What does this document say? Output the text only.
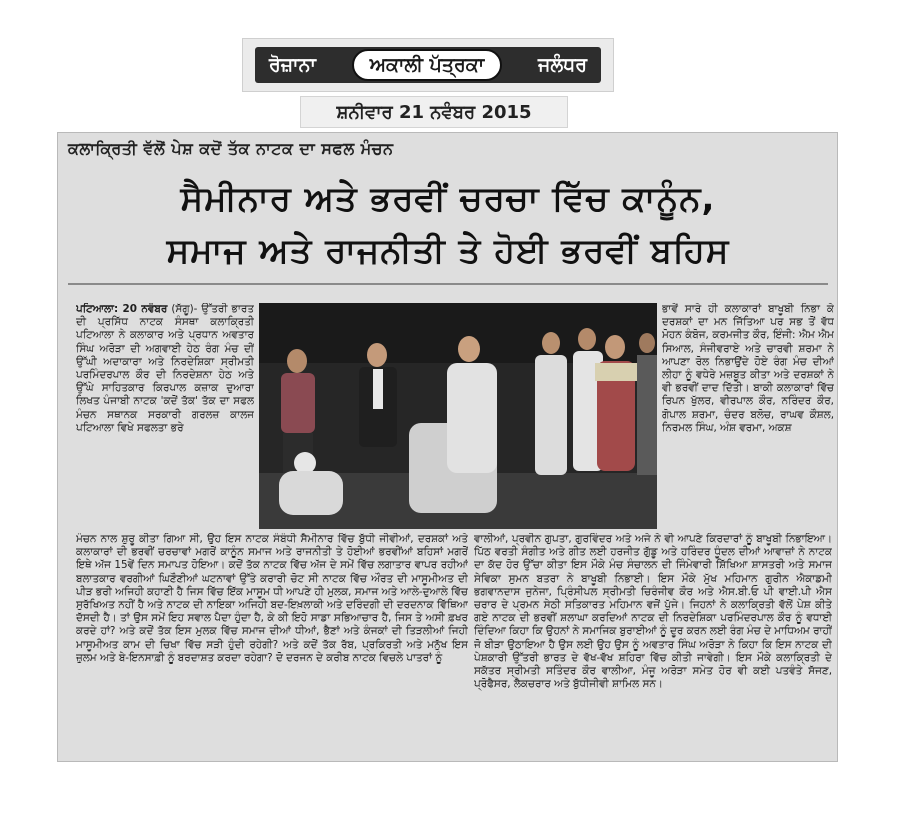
ਰੋਜ਼ਾਨਾ	ਅਕਾਲੀ ਪੱਤ੍ਰਕਾ	ਜਲੰਧਰ
ਸ਼ਨੀਵਾਰ 21 ਨਵੰਬਰ 2015
ਕਲਾਕ੍ਰਿਤੀ ਵੱਲੋਂ ਪੇਸ਼ ਕਦੋਂ ਤੱਕ ਨਾਟਕ ਦਾ ਸਫਲ ਮੰਚਨ
ਸੈਮੀਨਾਰ ਅਤੇ ਭਰਵੀਂ ਚਰਚਾ ਵਿੱਚ ਕਾਨੂੰਨ,
ਸਮਾਜ ਅਤੇ ਰਾਜਨੀਤੀ ਤੇ ਹੋਈ ਭਰਵੀਂ ਬਹਿਸ
ਪਟਿਆਲਾ: 20 ਨਵੰਬਰ (ਸੱਗੂ)- ਉੱਤਰੀ ਭਾਰਤ ਦੀ ਪ੍ਰਸਿੱਧ ਨਾਟਕ ਸੰਸਥਾ ਕਲਾਕ੍ਰਿਤੀ ਪਟਿਆਲਾ ਨੇ ਕਲਾਕਾਰ ਅਤੇ ਪ੍ਰਧਾਨ ਅਵਤਾਰ ਸਿੰਘ ਅਰੋੜਾ ਦੀ ਅਗਵਾਈ ਹੇਠ ਰੰਗ ਮੰਚ ਦੀਂ ਉੱਘੀ ਅਦਾਕਾਰਾ ਅਤੇ ਨਿਰਦੇਸ਼ਿਕਾ ਸ੍ਰੀਮਤੀ ਪਰਮਿੰਦਰਪਾਲ ਕੌਰ ਦੀ ਨਿਰਦੇਸ਼ਨਾ ਹੇਠ ਅਤੇ ਉੱਘੇ ਸਾਹਿਤਕਾਰ ਕਿਰਪਾਲ ਕਜ਼ਾਕ ਦੁਆਰਾ ਲਿਖਤ ਪੰਜਾਬੀ ਨਾਟਕ 'ਕਦੋਂ ਤੱਕ' ਤੱਕ ਦਾ ਸਫਲ ਮੰਚਨ ਸਥਾਨਕ ਸਰਕਾਰੀ ਗਰਲਜ਼ ਕਾਲਜ ਪਟਿਆਲਾ ਵਿਖੇ ਸਫਲਤਾ ਭਰੇ
ਭਾਵੇਂ ਸਾਰੇ ਹੀ ਕਲਾਕਾਰਾਂ ਬਾਖੂਬੀ ਨਿਭਾ ਕੇ ਦਰਸ਼ਕਾਂ ਦਾ ਮਨ ਜਿੱਤਿਆ ਪਰ ਸਭ ਤੋਂ ਵੱਧ ਮੋਹਨ ਕੰਬੋਜ, ਕਰਮਜੀਤ ਕੌਰ, ਇੰਜੀ: ਐਮ ਐਮ ਸਿਆਲ, ਸੰਜੀਵਰਾਏ ਅਤੇ ਚਾਰਵੀ ਸ਼ਰਮਾ ਨੇ ਆਪਣਾ ਰੋਲ ਨਿਭਾਉਂਦੇ ਹੋਏ ਰੰਗ ਮੰਚ ਦੀਆਂ ਲੀਹਾ ਨੂੰ ਵਧੇਰੇ ਮਜ਼ਬੂਤ ਕੀਤਾ ਅਤੇ ਦਰਸ਼ਕਾਂ ਨੇ ਵੀ ਭਰਵੀਂ ਦਾਦ ਦਿੱਤੀ। ਬਾਕੀ ਕਲਾਕਾਰਾਂ ਵਿੱਚ ਰਿਪਨ ਖੁੱਲਰ, ਵੀਰਪਾਲ ਕੌਰ, ਨਰਿੰਦਰ ਕੌਰ, ਗੋਪਾਲ ਸ਼ਰਮਾ, ਚੰਦਰ ਬਲੋਚ, ਰਾਘਵ ਕੌਸ਼ਲ, ਨਿਰਮਲ ਸਿੰਘ, ਅੰਸ਼ ਵਰਮਾ, ਅਕਸ਼
ਮੰਚਨ ਨਾਲ ਸ਼ੁਰੂ ਕੀਤਾ ਗਿਆ ਸੀ, ਉਹ ਇਸ ਨਾਟਕ ਸੰਬੰਧੀ ਸੈਮੀਨਾਰ ਵਿੱਚ ਬੁੱਧੀ ਜੀਵੀਆਂ, ਦਰਸ਼ਕਾਂ ਅਤੇ ਕਲਾਕਾਰਾਂ ਦੀ ਭਰਵੀਂ ਚਰਚਾਵਾਂ ਮਗਰੋਂ ਕਾਨੂੰਨ ਸਮਾਜ ਅਤੇ ਰਾਜਨੀਤੀ ਤੇ ਹੋਈਆਂ ਭਰਵੀਂਆਂ ਬਹਿਸਾਂ ਮਗਰੋਂ ਇਥੇ ਅੱਜ 15ਵੇਂ ਦਿਨ ਸਮਾਪਤ ਹੋਇਆ। ਕਦੋਂ ਤੱਕ ਨਾਟਕ ਵਿੱਚ ਅੱਜ ਦੇ ਸਮੇਂ ਵਿੱਚ ਲਗਾਤਾਰ ਵਾਪਰ ਰਹੀਆਂ ਬਲਾਤਕਾਰ ਵਰਗੀਆਂ ਘਿਣੌਣੀਆਂ ਘਟਨਾਵਾਂ ਉੱਤੇ ਕਰਾਰੀ ਚੋਟ ਸੀ ਨਾਟਕ ਵਿੱਚ ਔਰਤ ਦੀ ਮਾਸੂਮੀਅਤ ਦੀ ਪੀੜ ਭਰੀ ਅਜਿਹੀ ਕਹਾਣੀ ਹੈ ਜਿਸ ਵਿੱਚ ਇੱਕ ਮਾਸੂਮ ਧੀ ਆਪਣੇ ਹੀ ਮੁਲਕ, ਸਮਾਜ ਅਤੇ ਆਲੇ-ਦੁਆਲੇ ਵਿੱਚ ਸੁਰੱਖਿਅਤ ਨਹੀਂ ਹੈ ਅਤੇ ਨਾਟਕ ਦੀ ਨਾਇਕਾ ਅਜਿਹੀ ਬਦ-ਇਖ਼ਲਾਕੀ ਅਤੇ ਦਰਿੰਦਗੀ ਦੀ ਦਰਦਨਾਕ ਵਿੱਥਿਆ ਦੱਸਦੀ ਹੈ। ਤਾਂ ਉਸ ਸਮੇਂ ਇਹ ਸਵਾਲ ਪੈਦਾ ਹੁੰਦਾ ਹੈ, ਕੇ ਕੀ ਇਹੋ ਸਾਡਾ ਸਭਿਆਚਾਰ ਹੈ, ਜਿਸ ਤੇ ਅਸੀ ਫ਼ਖਰ ਕਰਦੇ ਹਾਂ? ਅਤੇ ਕਦੋਂ ਤੱਕ ਇਸ ਮੁਲਕ ਵਿੱਚ ਸਮਾਜ ਦੀਆਂ ਧੀਆਂ, ਭੈਣਾਂ ਅਤੇ ਕੰਜਕਾਂ ਦੀ ਤਿੜਲੀਆਂ ਜਿਹੀ ਮਾਸੂਮੀਅਤ ਕਾਮ ਦੀ ਚਿਖਾ ਵਿੱਚ ਸੜੀ ਹੁੰਦੀ ਰਹੇਗੀ? ਅਤੇ ਕਦੋਂ ਤੱਕ ਰੱਬ, ਪ੍ਰਕਿਰਤੀ ਅਤੇ ਮਨੁੱਖ ਇਸ ਜ਼ੁਲਮ ਅਤੇ ਬੇ-ਇਨਸਾਫ਼ੀ ਨੂੰ ਬਰਦਾਸ਼ਤ ਕਰਦਾ ਰਹੇਗਾ? ਦੋ ਦਰਜਨ ਦੇ ਕਰੀਬ ਨਾਟਕ ਵਿਚਲੇ ਪਾਤਰਾਂ ਨੂੰ
ਵਾਲੀਆਂ, ਪ੍ਰਵੀਨ ਗੁਪਤਾ, ਗੁਰਵਿੰਦਰ ਅਤੇ ਅਜੇ ਨੇ ਵੀ ਆਪਣੇ ਕਿਰਦਾਰਾਂ ਨੂੰ ਬਾਖੂਬੀ ਨਿਭਾਇਆ। ਪਿੱਠ ਵਰਤੀ ਸੰਗੀਤ ਅਤੇ ਗੀਤ ਲਈ ਹਰਜੀਤ ਗੁੱਡੂ ਅਤੇ ਹਰਿੰਦਰ ਧੂੰਦਲ ਦੀਆਂ ਆਵਾਜ਼ਾਂ ਨੇ ਨਾਟਕ ਦਾ ਕੱਦ ਹੋਰ ਉੱਚਾ ਕੀਤਾ ਇਸ ਮੌਕੇ ਮੰਚ ਸੰਚਾਲਨ ਦੀ ਜਿੰਮੇਵਾਰੀ ਸ਼ਿੱਖਿਆ ਸ਼ਾਸਤਰੀ ਅਤੇ ਸਮਾਜ ਸੇਵਿਕਾ ਸੁਮਨ ਬਤਰਾ ਨੇ ਬਾਖੂਬੀ ਨਿਭਾਈ। ਇਸ ਮੌਕੇ ਮੁੱਖ ਮਹਿਮਾਨ ਗੁਰੀਨ ਐਕਾਡਮੀ ਭਗਵਾਨਦਾਸ ਜੁਨੇਜਾ, ਪ੍ਰਿੰਸੀਪਲ ਸ੍ਰੀਮਤੀ ਚਿਰੰਜੀਵ ਕੌਰ ਅਤੇ ਐਸ.ਬੀ.ਓ ਪੀ ਵਾਈ.ਪੀ ਐਸ ਚਰਾਰ ਦੇ ਪ੍ਰਮਨ ਸੇਠੀ ਸਤਿਕਾਰਤ ਮਹਿਮਾਨ ਵਜੋਂ ਪੁੱਜੇ। ਜਿਹਨਾਂ ਨੇ ਕਲਾਕ੍ਰਿਤੀ ਵੱਲੋਂ ਪੇਸ਼ ਕੀਤੇ ਗਏ ਨਾਟਕ ਦੀ ਭਰਵੀਂ ਸ਼ਲਾਘਾ ਕਰਦਿਆਂ ਨਾਟਕ ਦੀ ਨਿਰਦੇਸ਼ਿਕਾ ਪਰਮਿੰਦਰਪਾਲ ਕੌਰ ਨੂੰ ਵਧਾਈ ਦਿੰਦਿਆ ਕਿਹਾ ਕਿ ਉਹਨਾਂ ਨੇ ਸਮਾਜਿਕ ਬੁਰਾਈਆਂ ਨੂੰ ਦੂਰ ਕਰਨ ਲਈ ਰੰਗ ਮੰਚ ਦੇ ਮਾਧਿਅਮ ਰਾਹੀਂ ਜੋ ਬੀੜਾ ਉਠਾਇਆ ਹੈ ਉਸ ਲਈ ਉਹ ਉਸ ਨੂੰ ਅਵਤਾਰ ਸਿੰਘ ਅਰੋੜਾ ਨੇ ਕਿਹਾ ਕਿ ਇਸ ਨਾਟਕ ਦੀ ਪੇਸ਼ਕਾਰੀ ਉੱਤਰੀ ਭਾਰਤ ਦੇ ਵੱਖ-ਵੱਖ ਸ਼ਹਿਰਾ ਵਿੱਚ ਕੀਤੀ ਜਾਵੇਗੀ। ਇਸ ਮੌਕੇ ਕਲਾਕ੍ਰਿਤੀ ਦੇ ਸਕੱਤਰ ਸ੍ਰੀਮਤੀ ਸਤਿੰਦਰ ਕੌਰ ਵਾਲੀਆ, ਮੰਜੂ ਅਰੋੜਾ ਸਮੇਤ ਹੋਰ ਵੀ ਕਈ ਪਤਵੰਤੇ ਸੱਜਣ, ਪ੍ਰੋਫੈਸਰ, ਲੈਕਚਰਾਰ ਅਤੇ ਬੁੱਧੀਜੀਵੀ ਸ਼ਾਮਿਲ ਸਨ।
